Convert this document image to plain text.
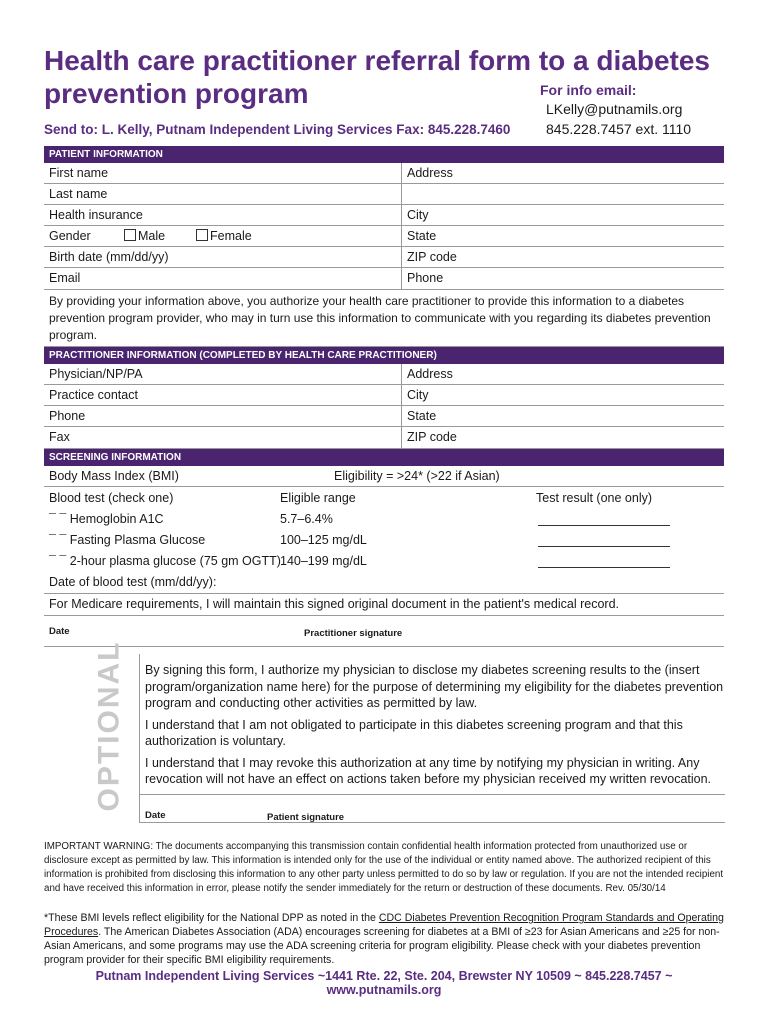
Health care practitioner referral form to a diabetes prevention program	For info email:
LKelly@putnamils.org
845.228.7457 ext. 1110
Send to: L. Kelly, Putnam Independent Living Services Fax: 845.228.7460
PATIENT INFORMATION
First name	Address
Last name
Health insurance	City
Gender	Male	Female	State
Birth date (mm/dd/yy)	ZIP code
Email	Phone
By providing your information above, you authorize your health care practitioner to provide this information to a diabetes prevention program provider, who may in turn use this information to communicate with you regarding its diabetes prevention program.
PRACTITIONER INFORMATION (COMPLETED BY HEALTH CARE PRACTITIONER)
Physician/NP/PA	Address
Practice contact	City
Phone	State
Fax	ZIP code
SCREENING INFORMATION
Body Mass Index (BMI)	Eligibility = >24* (>22 if Asian)
Blood test (check one)	Eligible range	Test result (one only)
¯ ¯ Hemoglobin A1C	5.7–6.4%
¯ ¯ Fasting Plasma Glucose	100–125 mg/dL
¯ ¯ 2-hour plasma glucose (75 gm OGTT) 140–199 mg/dL
Date of blood test (mm/dd/yy):
For Medicare requirements, I will maintain this signed original document in the patient's medical record.
Date	Practitioner signature
OPTIONAL By signing this form, I authorize my physician to disclose my diabetes screening results to the (insert program/organization name here) for the purpose of determining my eligibility for the diabetes prevention program and conducting other activities as permitted by law.

I understand that I am not obligated to participate in this diabetes screening program and that this authorization is voluntary.

I understand that I may revoke this authorization at any time by notifying my physician in writing. Any revocation will not have an effect on actions taken before my physician received my written revocation.

Date	Patient signature

IMPORTANT WARNING: The documents accompanying this transmission contain confidential health information protected from unauthorized use or disclosure except as permitted by law. This information is intended only for the use of the individual or entity named above. The authorized recipient of this information is prohibited from disclosing this information to any other party unless permitted to do so by law or regulation. If you are not the intended recipient and have received this information in error, please notify the sender immediately for the return or destruction of these documents. Rev. 05/30/14

*These BMI levels reflect eligibility for the National DPP as noted in the CDC Diabetes Prevention Recognition Program Standards and Operating Procedures. The American Diabetes Association (ADA) encourages screening for diabetes at a BMI of ≥23 for Asian Americans and ≥25 for non-Asian Americans, and some programs may use the ADA screening criteria for program eligibility. Please check with your diabetes prevention program provider for their specific BMI eligibility requirements.

Putnam Independent Living Services ~1441 Rte. 22, Ste. 204, Brewster NY 10509 ~ 845.228.7457 ~ www.putnamils.org
